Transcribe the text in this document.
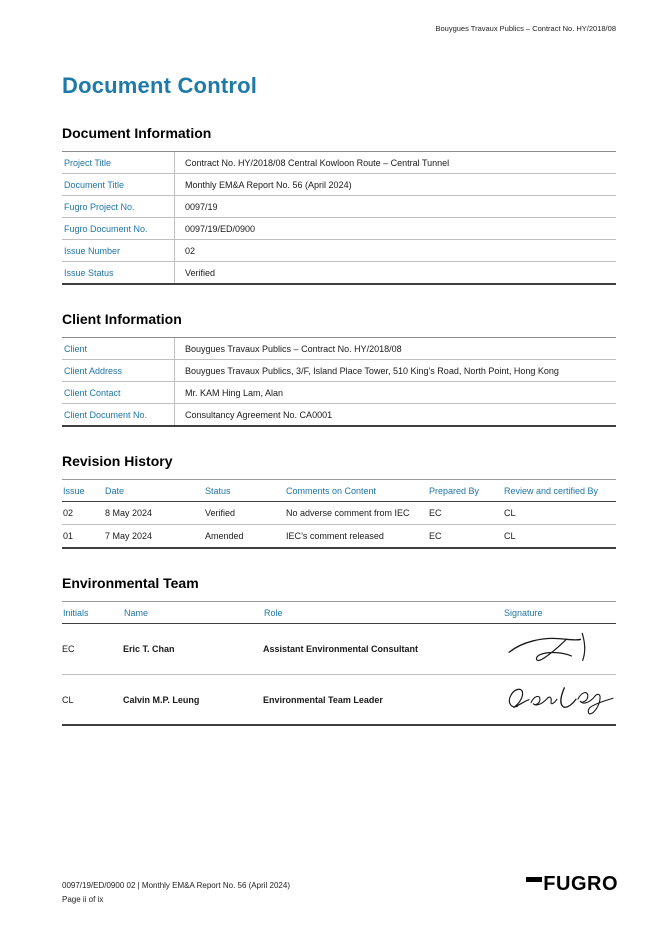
Bouygues Travaux Publics – Contract No. HY/2018/08
Document Control
Document Information
Project Title	Contract No. HY/2018/08 Central Kowloon Route – Central Tunnel
Document Title	Monthly EM&A Report No. 56 (April 2024)
Fugro Project No.	0097/19
Fugro Document No.	0097/19/ED/0900
Issue Number	02
Issue Status	Verified
Client Information
Client	Bouygues Travaux Publics – Contract No. HY/2018/08
Client Address	Bouygues Travaux Publics, 3/F, Island Place Tower, 510 King’s Road, North Point, Hong Kong
Client Contact	Mr. KAM Hing Lam, Alan
Client Document No.	Consultancy Agreement No. CA0001
Revision History
Issue	Date	Status	Comments on Content	Prepared By	Review and certified By
02	8 May 2024	Verified	No adverse comment from IEC	EC	CL
01	7 May 2024	Amended	IEC’s comment released	EC	CL
Environmental Team
Initials	Name	Role	Signature
EC	Eric T. Chan	Assistant Environmental Consultant
CL	Calvin M.P. Leung	Environmental Team Leader
0097/19/ED/0900 02 | Monthly EM&A Report No. 56 (April 2024)
Page ii of ix
FUGRO
